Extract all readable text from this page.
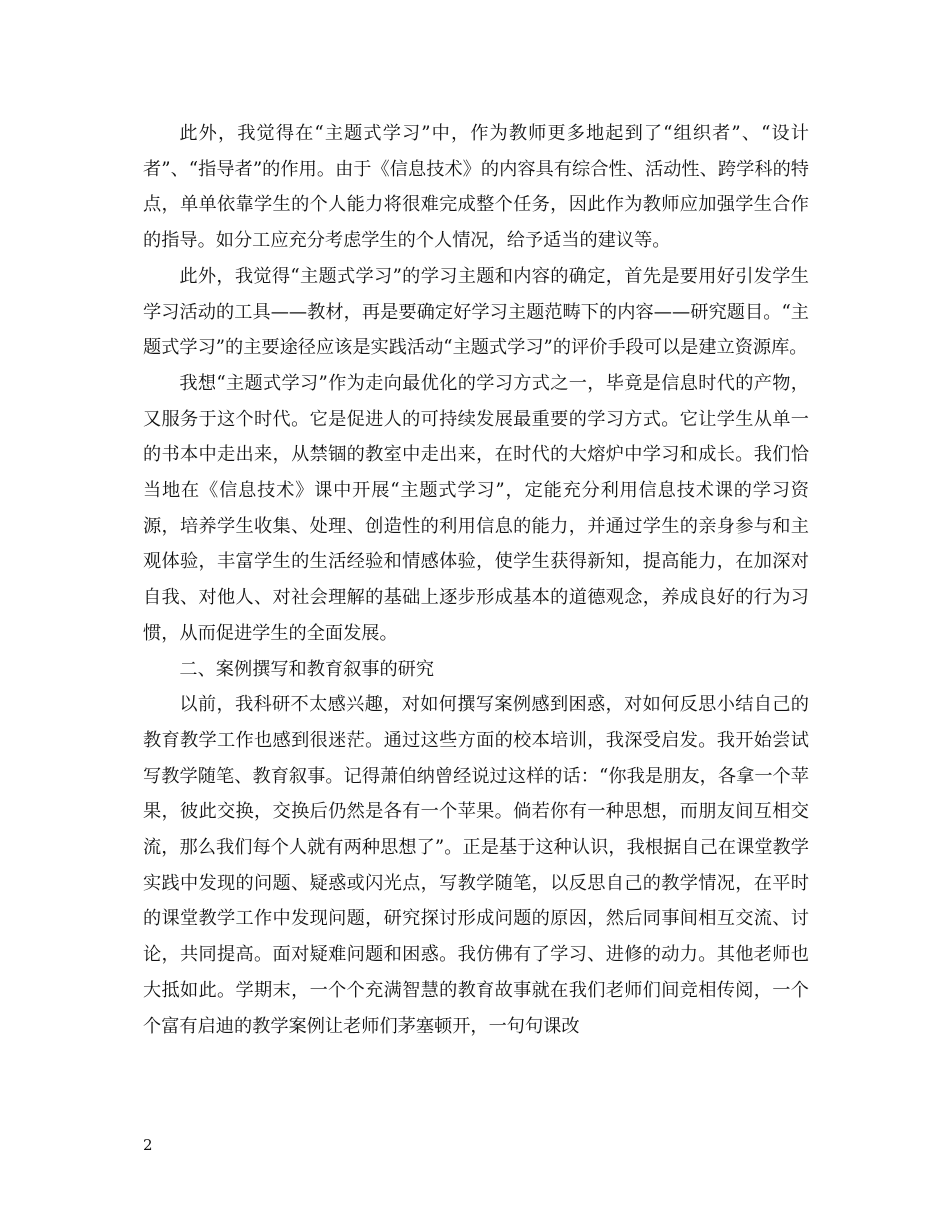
此外，我觉得在“主题式学习”中，作为教师更多地起到了“组织者”、“设计者”、“指导者”的作用。由于《信息技术》的内容具有综合性、活动性、跨学科的特点，单单依靠学生的个人能力将很难完成整个任务，因此作为教师应加强学生合作的指导。如分工应充分考虑学生的个人情况，给予适当的建议等。

此外，我觉得“主题式学习”的学习主题和内容的确定，首先是要用好引发学生学习活动的工具——教材，再是要确定好学习主题范畴下的内容——研究题目。“主题式学习”的主要途径应该是实践活动“主题式学习”的评价手段可以是建立资源库。

我想“主题式学习”作为走向最优化的学习方式之一，毕竟是信息时代的产物，又服务于这个时代。它是促进人的可持续发展最重要的学习方式。它让学生从单一的书本中走出来，从禁锢的教室中走出来，在时代的大熔炉中学习和成长。我们恰当地在《信息技术》课中开展“主题式学习”，定能充分利用信息技术课的学习资源，培养学生收集、处理、创造性的利用信息的能力，并通过学生的亲身参与和主观体验，丰富学生的生活经验和情感体验，使学生获得新知，提高能力，在加深对自我、对他人、对社会理解的基础上逐步形成基本的道德观念，养成良好的行为习惯，从而促进学生的全面发展。

二、案例撰写和教育叙事的研究

以前，我科研不太感兴趣，对如何撰写案例感到困惑，对如何反思小结自己的教育教学工作也感到很迷茫。通过这些方面的校本培训，我深受启发。我开始尝试写教学随笔、教育叙事。记得萧伯纳曾经说过这样的话：“你我是朋友，各拿一个苹果，彼此交换，交换后仍然是各有一个苹果。倘若你有一种思想，而朋友间互相交流，那么我们每个人就有两种思想了”。正是基于这种认识，我根据自己在课堂教学实践中发现的问题、疑惑或闪光点，写教学随笔，以反思自己的教学情况，在平时的课堂教学工作中发现问题，研究探讨形成问题的原因，然后同事间相互交流、讨论，共同提高。面对疑难问题和困惑。我仿佛有了学习、进修的动力。其他老师也大抵如此。学期末，一个个充满智慧的教育故事就在我们老师们间竞相传阅，一个个富有启迪的教学案例让老师们茅塞顿开，一句句课改

2
